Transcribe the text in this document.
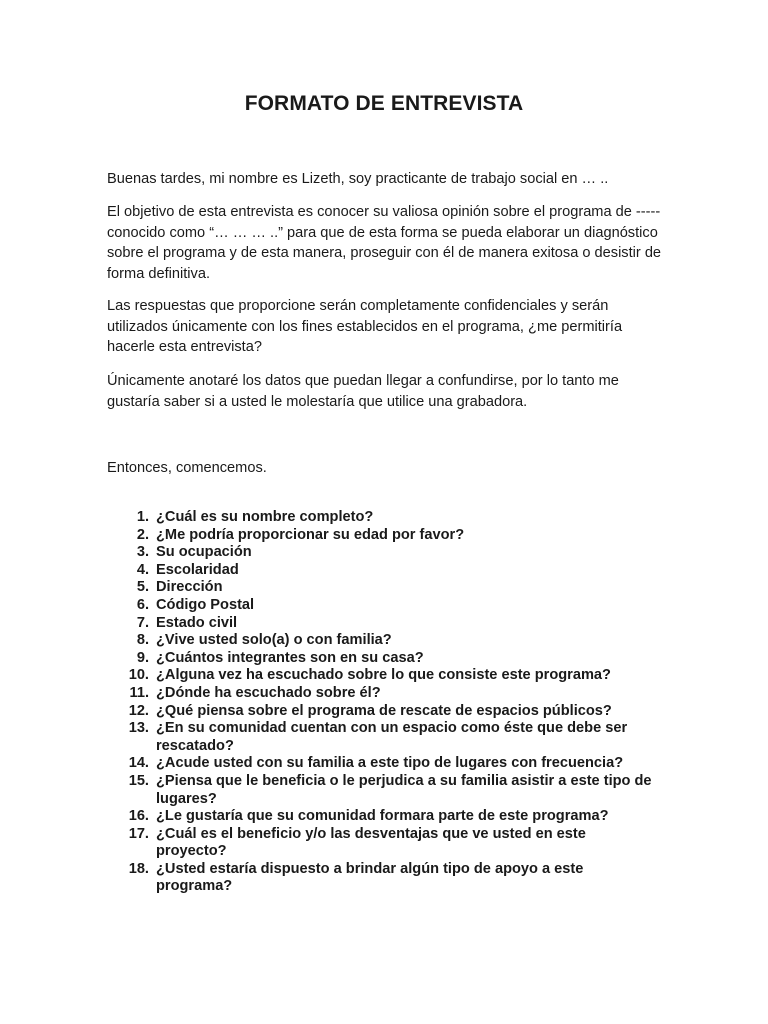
FORMATO DE ENTREVISTA

Buenas tardes, mi nombre es Lizeth, soy practicante de trabajo social en … ..

El objetivo de esta entrevista es conocer su valiosa opinión sobre el programa de ----- conocido como “… … … ..” para que de esta forma se pueda elaborar un diagnóstico sobre el programa y de esta manera, proseguir con él de manera exitosa o desistir de forma definitiva.

Las respuestas que proporcione serán completamente confidenciales y serán utilizados únicamente con los fines establecidos en el programa, ¿me permitiría hacerle esta entrevista?

Únicamente anotaré los datos que puedan llegar a confundirse, por lo tanto me gustaría saber si a usted le molestaría que utilice una grabadora.

Entonces, comencemos.

1. ¿Cuál es su nombre completo?
2. ¿Me podría proporcionar su edad por favor?
3. Su ocupación
4. Escolaridad
5. Dirección
6. Código Postal
7. Estado civil
8. ¿Vive usted solo(a) o con familia?
9. ¿Cuántos integrantes son en su casa?
10. ¿Alguna vez ha escuchado sobre lo que consiste este programa?
11. ¿Dónde ha escuchado sobre él?
12. ¿Qué piensa sobre el programa de rescate de espacios públicos?
13. ¿En su comunidad cuentan con un espacio como éste que debe ser rescatado?
14. ¿Acude usted con su familia a este tipo de lugares con frecuencia?
15. ¿Piensa que le beneficia o le perjudica a su familia asistir a este tipo de lugares?
16. ¿Le gustaría que su comunidad formara parte de este programa?
17. ¿Cuál es el beneficio y/o las desventajas que ve usted en este proyecto?
18. ¿Usted estaría dispuesto a brindar algún tipo de apoyo a este programa?
